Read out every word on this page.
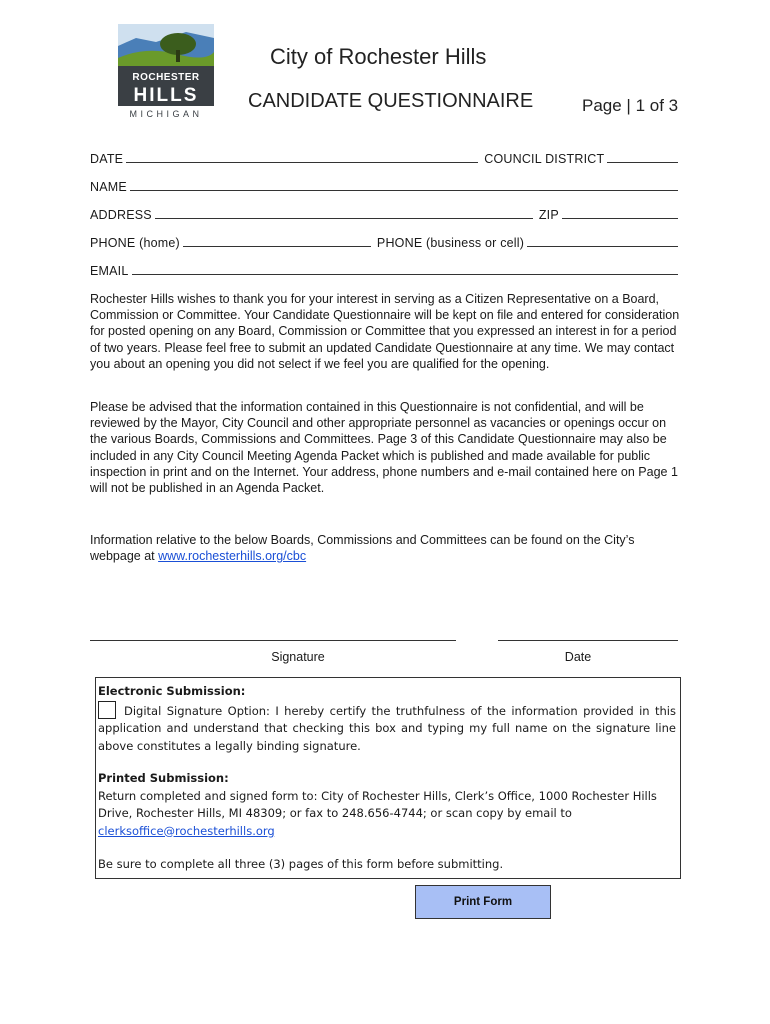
ROCHESTER
HILLS
MICHIGAN
City of Rochester Hills
CANDIDATE QUESTIONNAIRE	Page | 1 of 3
DATE	COUNCIL DISTRICT
NAME
ADDRESS	ZIP
PHONE (home)	PHONE (business or cell)
EMAIL
Rochester Hills wishes to thank you for your interest in serving as a Citizen Representative on a Board, Commission or Committee. Your Candidate Questionnaire will be kept on file and entered for consideration for posted opening on any Board, Commission or Committee that you expressed an interest in for a period of two years. Please feel free to submit an updated Candidate Questionnaire at any time. We may contact you about an opening you did not select if we feel you are qualified for the opening.
Please be advised that the information contained in this Questionnaire is not confidential, and will be reviewed by the Mayor, City Council and other appropriate personnel as vacancies or openings occur on the various Boards, Commissions and Committees. Page 3 of this Candidate Questionnaire may also be included in any City Council Meeting Agenda Packet which is published and made available for public inspection in print and on the Internet. Your address, phone numbers and e-mail contained here on Page 1 will not be published in an Agenda Packet.
Information relative to the below Boards, Commissions and Committees can be found on the City’s webpage at www.rochesterhills.org/cbc
Signature	Date
Electronic Submission:

Digital Signature Option: I hereby certify the truthfulness of the information provided in this application and understand that checking this box and typing my full name on the signature line above constitutes a legally binding signature.
Printed Submission:
Return completed and signed form to: City of Rochester Hills, Clerk’s Office, 1000 Rochester Hills Drive, Rochester Hills, MI 48309; or fax to 248.656-4744; or scan copy by email to
clerksoffice@rochesterhills.org
Be sure to complete all three (3) pages of this form before submitting.
Print Form
